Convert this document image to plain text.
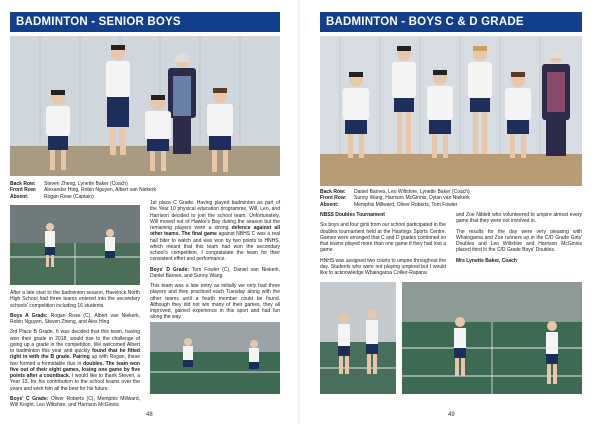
BADMINTON - SENIOR BOYS
Back Row:	Steven Zheng, Lynette Baker (Coach)
Front Row:	Alexander Hing, Robin Nguyen, Albert van Niekerk
Absent:	Rogan Rose (Captain)

After a late start to the badminton season, Havelock North High School had three teams entered into the secondary schools' competition including 16 students.

Boys A Grade: Rogan Rose (C), Albert van Niekerk, Robin Nguyen, Steven Zheng, and Alex Hing

3rd Place B Grade. It was decided that this team, having won their grade in 2018, would rise to the challenge of going up a grade in the competition. We welcomed Albert to badminton this year and quickly found that he fitted right in with the B grade. Pairing up with Rogan, these two formed a formidable duo in doubles. The team won five out of their eight games, losing one game by five points after a countback. I would like to thank Steven, a Year 13, for his contribution to the school teams over the years and wish him all the best for his future.

Boys' C Grade: Oliver Roberts (C), Memphis Millward, Will Knight, Leo Wiltshire, and Harrison McGinnis

1st place C Grade. Having played badminton as part of the Year 10 physical education programme, Will, Leo, and Harrison decided to join the school team. Unfortunately, Will moved out of Hawke's Bay during the season but the remaining players were a strong defence against all other teams. The final game against NBHS C was a real nail biter to watch and was won by two points to HNHS, which meant that this team had won the secondary school's competition. I congratulate the team for their consistent effort and performance.

Boys' D Grade: Tom Fowler (C), Daniel van Niekerk, Daniel Barnes, and Sunny Wang

This team was a late entry as initially we only had three players and they practiced each Tuesday along with the other teams until a fourth member could be found. Although they did not win many of their games, they all improved, gained experience in this sport and had fun along the way.

48
BADMINTON - BOYS C & D GRADE
Back Row:	Daniel Barnes, Leo Wiltshire, Lynette Baker (Coach)
Front Row:	Sunny Wang, Harrison McGinnis, Dylan van Niekerk
Absent:	Memphis Millward, Oliver Roberts, Tom Fowler
NBSS Doubles Tournament

Six boys and four girls from our school participated in the doubles tournament held at the Hastings Sports Centre. Games were arranged that C and D grades combined so that teams played more than one game if they had lost a game.

HNHS was assigned two courts to umpire throughout the day. Students who were not playing umpired but I would like to acknowledge Whaingaroa Collier-Rapana

and Zoe Niblett who volunteered to umpire almost every game that they were not involved in.

The results for the day were very pleasing with Whaingaroa and Zoe runners up in the C/D Grade Girls' Doubles and Leo Wiltshire and Harrison McGinnis placed third in the C/D Grade Boys' Doubles.

Mrs Lynette Baker, Coach

49
